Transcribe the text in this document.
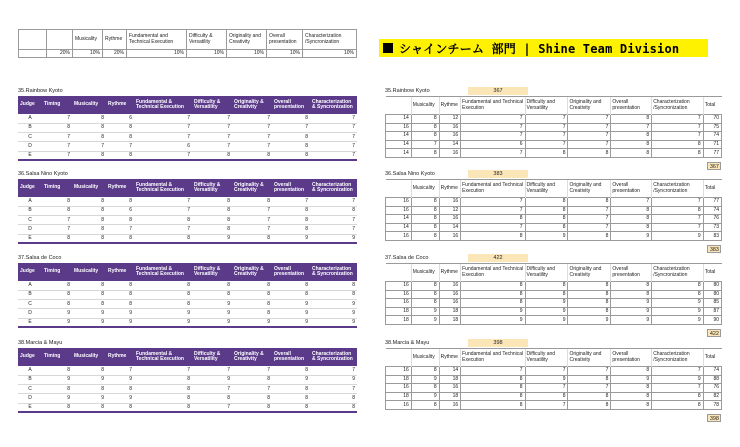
		Musicality	Rythme	Fundamental and Technical Execution	Difficulty & Versatility	Originality and Creativity	Overall presentation	Characterization /Syncronization
	20%	10%	20%	10%	10%	10%	10%	10%	シャインチーム 部門 | Shine Team Division
35.Rainbow Kyoto
Judge	Timing	Musicality	Rythme	Fundamental & Technical Execution	Difficulty & Versatility	Originality & Creativity	Overall presentation	Characterization & Syncronization
A	7	8	6	7	7	7	8	7
B	8	8	8	7	7	7	7	7
C	7	8	8	7	7	7	8	7
D	7	7	7	6	7	7	8	7
E	7	8	8	7	8	8	8	7
35.Rainbow Kyoto	367
	Musicality	Rythme	Fundamental and Technical Execution	Difficulty and Versatility	Originality and Creativity	Overall presentation	Characterization /Syncronization	Total
14	8	12	7	7	7	8	7	70
16	8	16	7	7	7	7	7	75
14	8	16	7	7	7	8	7	74
14	7	14	6	7	7	8	8	71
14	8	16	7	8	8	8	8	77
367
36.Salsa Nino Kyoto
Judge	Timing	Musicality	Rythme	Fundamental & Technical Execution	Difficulty & Versatility	Originality & Creativity	Overall presentation	Characterization & Syncronization
A	8	8	8	7	8	8	7	7
B	8	8	6	7	8	7	8	8
C	7	8	8	8	8	7	8	7
D	7	8	7	7	8	7	8	7
E	8	8	8	8	9	8	9	9
36.Salsa Nino Kyoto	383
	Musicality	Rythme	Fundamental and Technical Execution	Difficulty and Versatility	Originality and Creativity	Overall presentation	Characterization /Syncronization	Total
16	8	16	7	8	8	7	7	77
16	8	12	7	8	7	8	8	74
14	8	16	8	8	7	8	7	76
14	8	14	7	8	7	8	7	73
16	8	16	8	9	8	9	9	83
383
37.Salsa de Coco
Judge	Timing	Musicality	Rythme	Fundamental & Technical Execution	Difficulty & Versatility	Originality & Creativity	Overall presentation	Characterization & Syncronization
A	8	8	8	8	8	8	8	8
B	8	8	8	8	8	8	8	8
C	8	8	8	8	9	8	9	9
D	9	9	9	9	9	8	9	9
E	9	9	9	9	9	9	9	9
37.Salsa de Coco	422
	Musicality	Rythme	Fundamental and Technical Execution	Difficulty and Versatility	Originality and Creativity	Overall presentation	Characterization /Syncronization	Total
16	8	16	8	8	8	8	8	80
16	8	16	8	8	8	8	8	80
16	8	16	8	9	8	9	9	85
18	9	18	9	9	8	9	9	87
18	9	18	9	9	9	9	9	90
422
38.Marcia & Mayu
Judge	Timing	Musicality	Rythme	Fundamental & Technical Execution	Difficulty & Versatility	Originality & Creativity	Overall presentation	Characterization & Syncronization
A	8	8	7	7	7	7	8	7
B	9	9	9	8	9	8	9	9
C	8	8	8	8	7	7	8	7
D	9	9	9	8	8	8	8	8
E	8	8	8	8	7	8	8	8
38.Marcia & Mayu	398
	Musicality	Rythme	Fundamental and Technical Execution	Difficulty and Versatility	Originality and Creativity	Overall presentation	Characterization /Syncronization	Total
16	8	14	7	7	7	8	7	74
18	9	18	8	9	8	9	9	88
16	8	16	8	7	7	8	7	76
18	9	18	8	8	8	8	8	82
16	8	16	8	7	8	8	8	78
398
